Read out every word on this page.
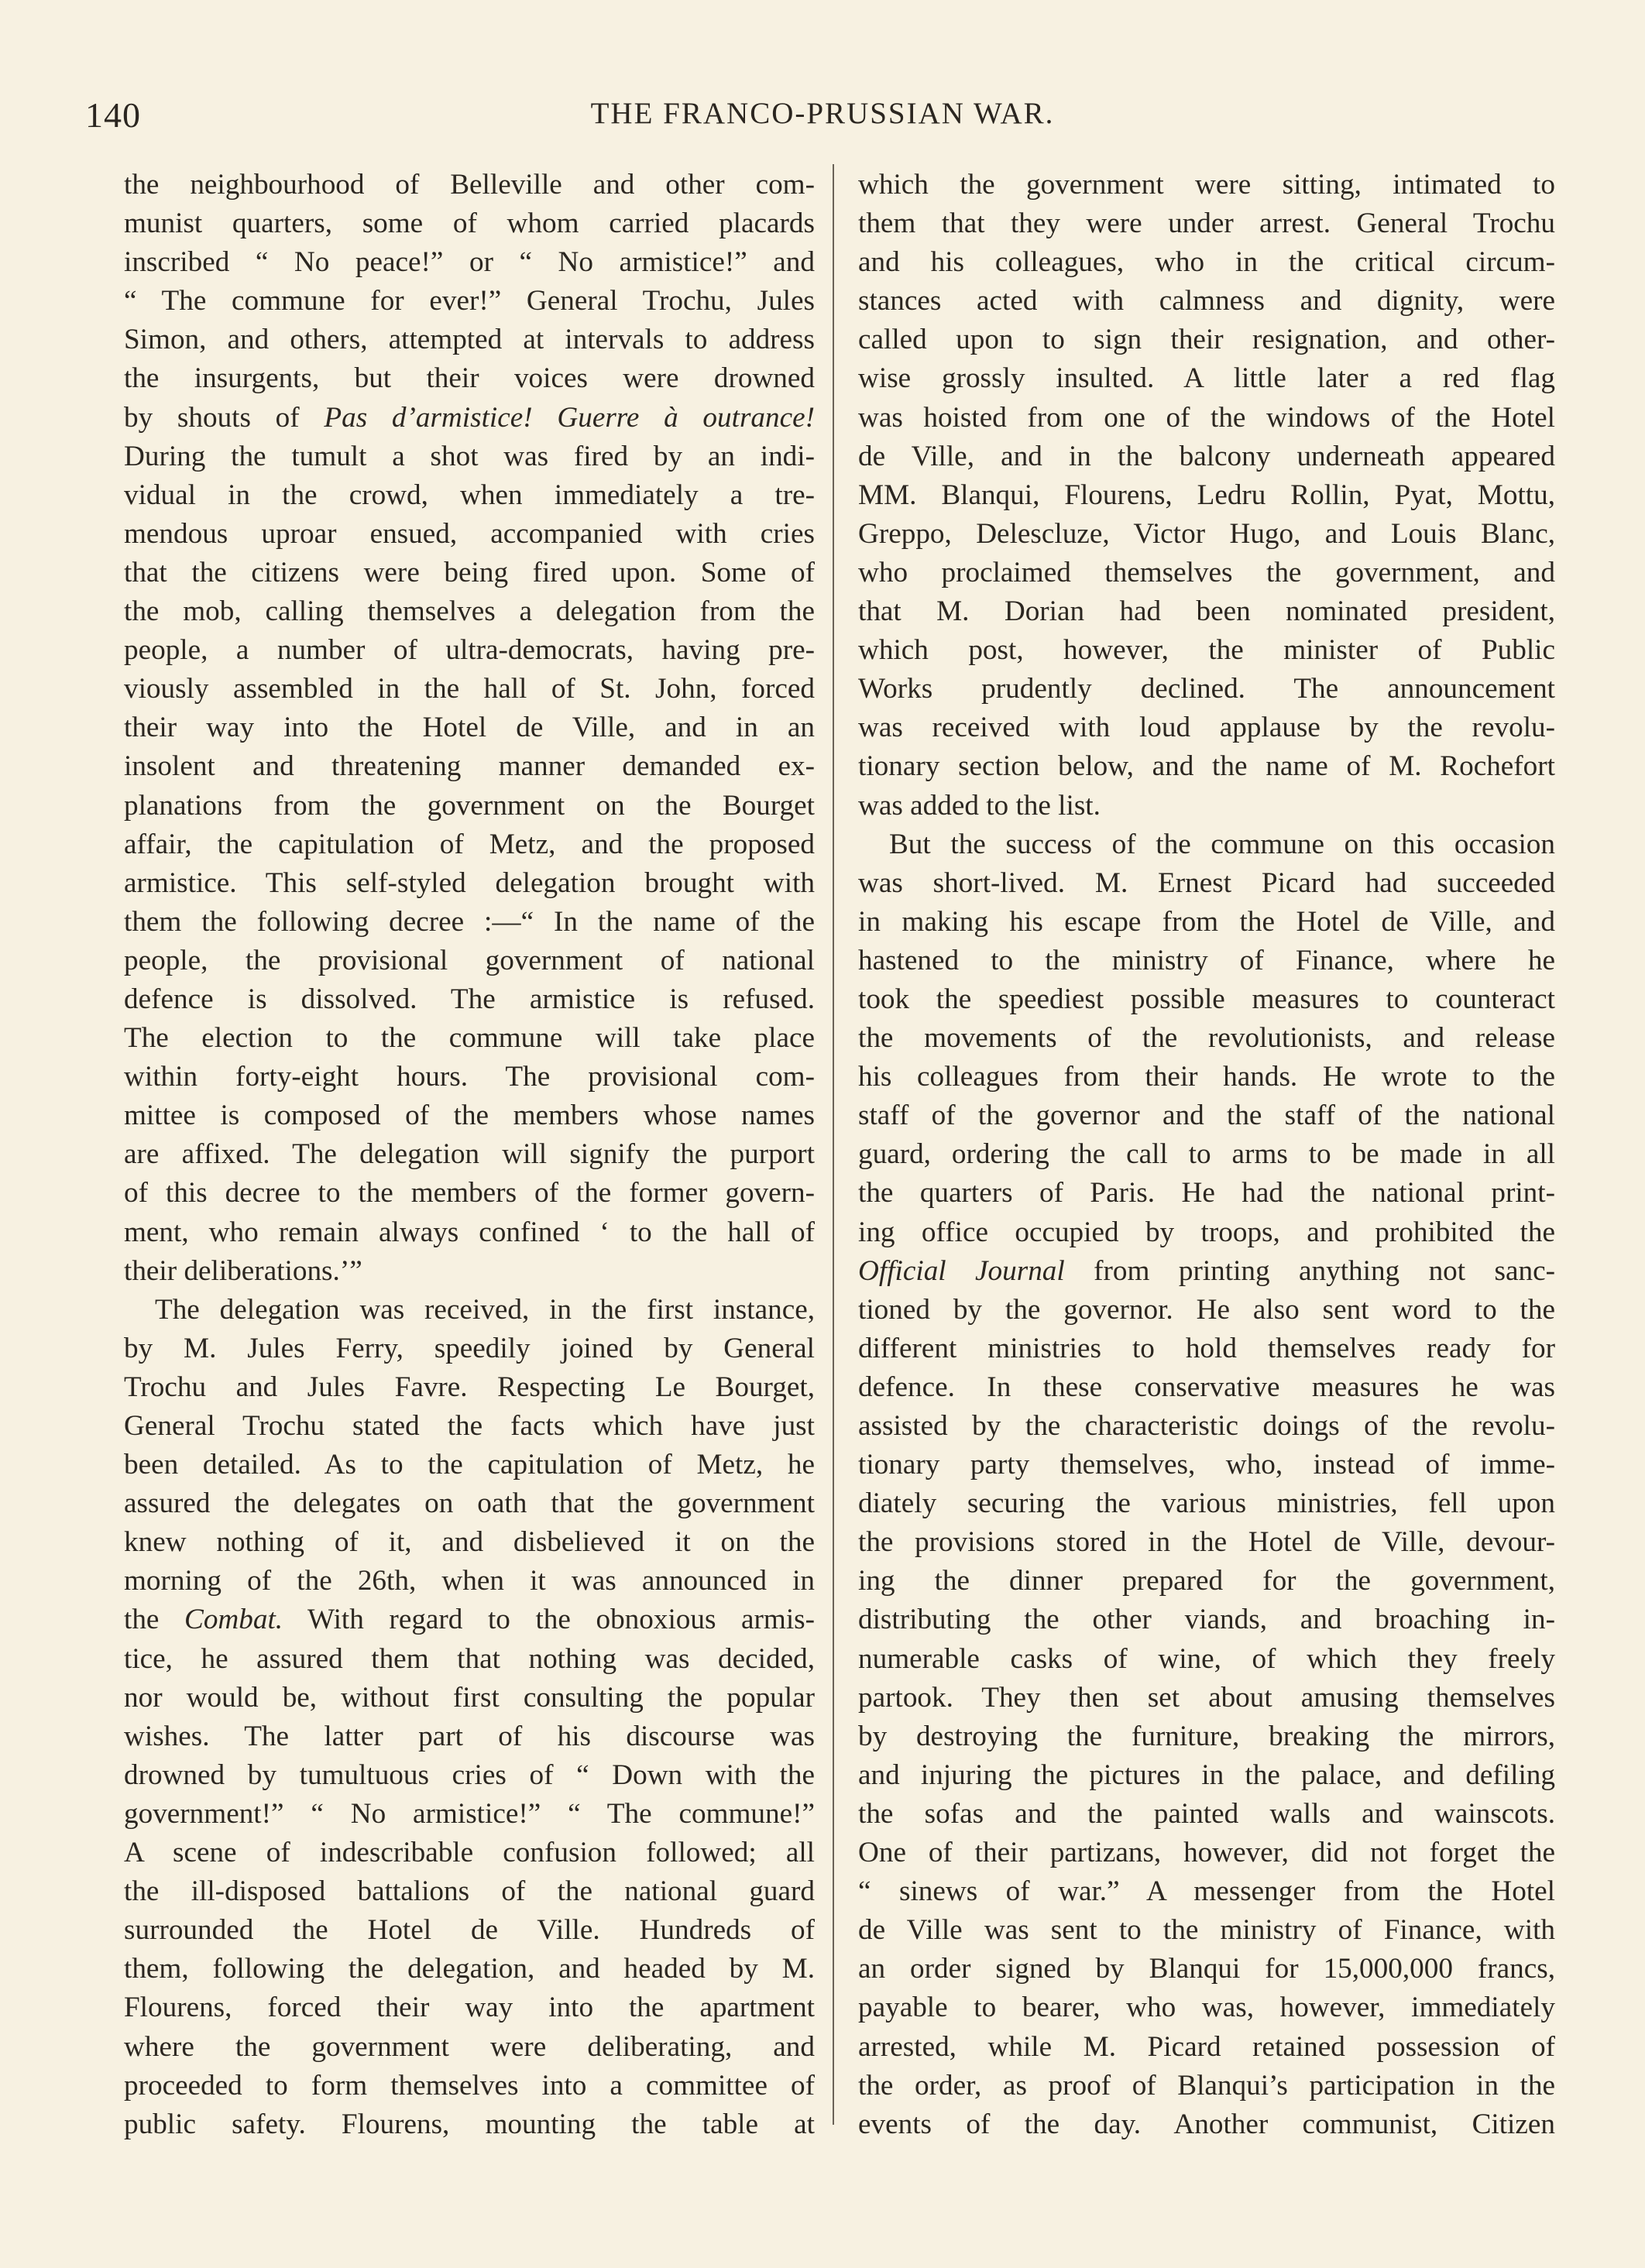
140	THE FRANCO-PRUSSIAN WAR.
the neighbourhood of Belleville and other com-
munist quarters, some of whom carried placards
inscribed “ No peace!” or “ No armistice!” and
“ The commune for ever!” General Trochu, Jules
Simon, and others, attempted at intervals to address
the insurgents, but their voices were drowned
by shouts of Pas d’armistice! Guerre à outrance!
During the tumult a shot was fired by an indi-
vidual in the crowd, when immediately a tre-
mendous uproar ensued, accompanied with cries
that the citizens were being fired upon. Some of
the mob, calling themselves a delegation from the
people, a number of ultra-democrats, having pre-
viously assembled in the hall of St. John, forced
their way into the Hotel de Ville, and in an
insolent and threatening manner demanded ex-
planations from the government on the Bourget
affair, the capitulation of Metz, and the proposed
armistice. This self-styled delegation brought with
them the following decree :—“ In the name of the
people, the provisional government of national
defence is dissolved. The armistice is refused.
The election to the commune will take place
within forty-eight hours. The provisional com-
mittee is composed of the members whose names
are affixed. The delegation will signify the purport
of this decree to the members of the former govern-
ment, who remain always confined ‘ to the hall of
their deliberations.’”
The delegation was received, in the first instance,
by M. Jules Ferry, speedily joined by General
Trochu and Jules Favre. Respecting Le Bourget,
General Trochu stated the facts which have just
been detailed. As to the capitulation of Metz, he
assured the delegates on oath that the government
knew nothing of it, and disbelieved it on the
morning of the 26th, when it was announced in
the Combat. With regard to the obnoxious armis-
tice, he assured them that nothing was decided,
nor would be, without first consulting the popular
wishes. The latter part of his discourse was
drowned by tumultuous cries of “ Down with the
government!” “ No armistice!” “ The commune!”
A scene of indescribable confusion followed; all
the ill-disposed battalions of the national guard
surrounded the Hotel de Ville. Hundreds of
them, following the delegation, and headed by M.
Flourens, forced their way into the apartment
where the government were deliberating, and
proceeded to form themselves into a committee of
public safety. Flourens, mounting the table at
which the government were sitting, intimated to
them that they were under arrest. General Trochu
and his colleagues, who in the critical circum-
stances acted with calmness and dignity, were
called upon to sign their resignation, and other-
wise grossly insulted. A little later a red flag
was hoisted from one of the windows of the Hotel
de Ville, and in the balcony underneath appeared
MM. Blanqui, Flourens, Ledru Rollin, Pyat, Mottu,
Greppo, Delescluze, Victor Hugo, and Louis Blanc,
who proclaimed themselves the government, and
that M. Dorian had been nominated president,
which post, however, the minister of Public
Works prudently declined. The announcement
was received with loud applause by the revolu-
tionary section below, and the name of M. Rochefort
was added to the list.
But the success of the commune on this occasion
was short-lived. M. Ernest Picard had succeeded
in making his escape from the Hotel de Ville, and
hastened to the ministry of Finance, where he
took the speediest possible measures to counteract
the movements of the revolutionists, and release
his colleagues from their hands. He wrote to the
staff of the governor and the staff of the national
guard, ordering the call to arms to be made in all
the quarters of Paris. He had the national print-
ing office occupied by troops, and prohibited the
Official Journal from printing anything not sanc-
tioned by the governor. He also sent word to the
different ministries to hold themselves ready for
defence. In these conservative measures he was
assisted by the characteristic doings of the revolu-
tionary party themselves, who, instead of imme-
diately securing the various ministries, fell upon
the provisions stored in the Hotel de Ville, devour-
ing the dinner prepared for the government,
distributing the other viands, and broaching in-
numerable casks of wine, of which they freely
partook. They then set about amusing themselves
by destroying the furniture, breaking the mirrors,
and injuring the pictures in the palace, and defiling
the sofas and the painted walls and wainscots.
One of their partizans, however, did not forget the
“ sinews of war.” A messenger from the Hotel
de Ville was sent to the ministry of Finance, with
an order signed by Blanqui for 15,000,000 francs,
payable to bearer, who was, however, immediately
arrested, while M. Picard retained possession of
the order, as proof of Blanqui’s participation in the
events of the day. Another communist, Citizen
